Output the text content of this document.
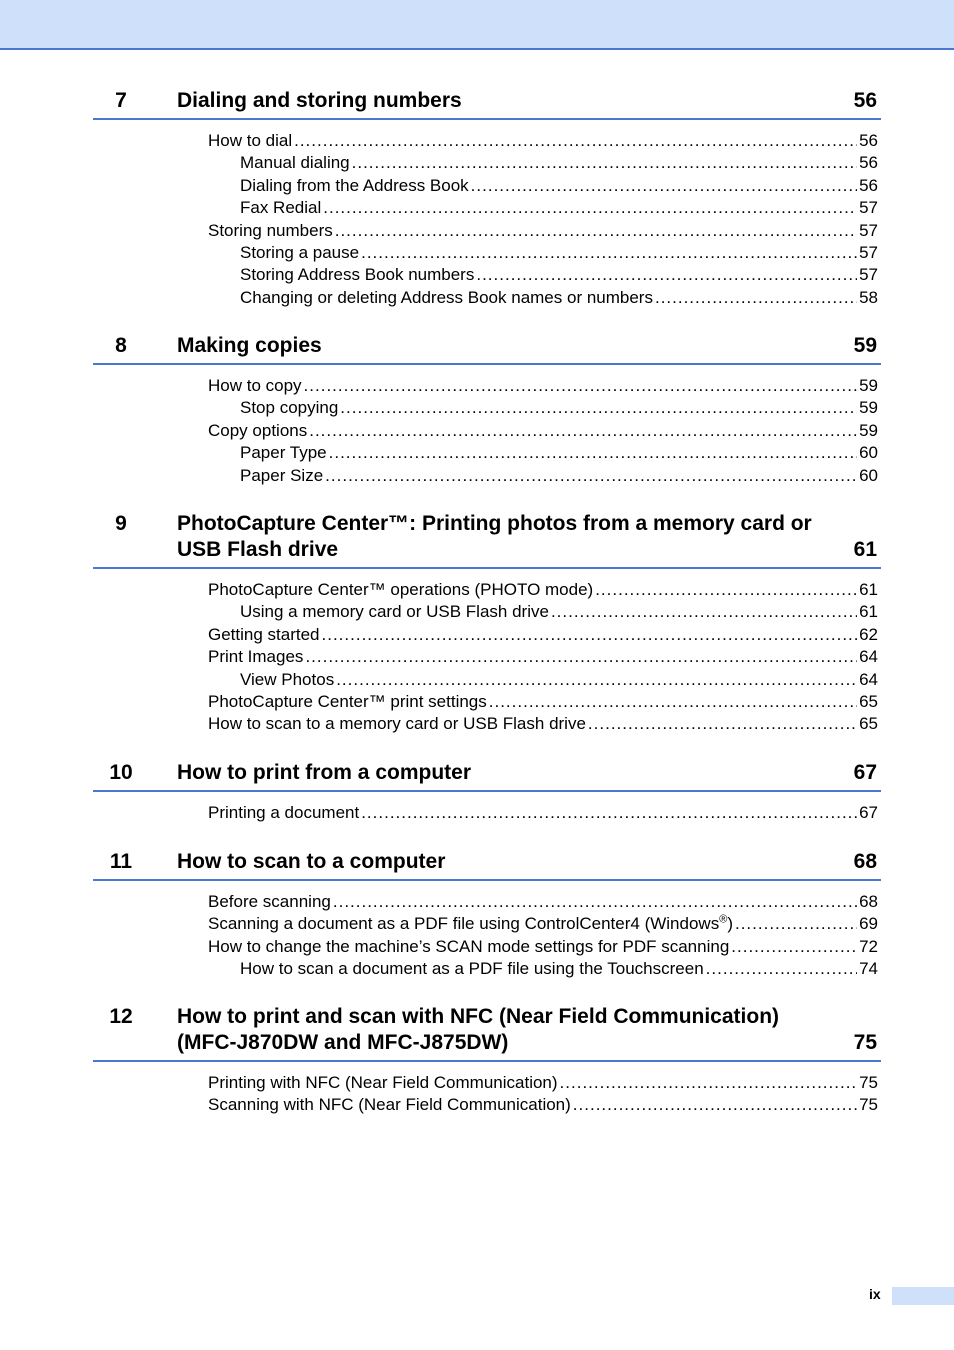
7	Dialing and storing numbers	56
How to dial .....	56
Manual dialing .....	56
Dialing from the Address Book .....	56
Fax Redial .....	57
Storing numbers .....	57
Storing a pause .....	57
Storing Address Book numbers .....	57
Changing or deleting Address Book names or numbers .....	58
8	Making copies	59
How to copy .....	59
Stop copying .....	59
Copy options .....	59
Paper Type .....	60
Paper Size .....	60
9	PhotoCapture Center™: Printing photos from a memory card or USB Flash drive	61
PhotoCapture Center™ operations (PHOTO mode) .....	61
Using a memory card or USB Flash drive .....	61
Getting started .....	62
Print Images .....	64
View Photos .....	64
PhotoCapture Center™ print settings .....	65
How to scan to a memory card or USB Flash drive .....	65
10	How to print from a computer	67
Printing a document .....	67
11	How to scan to a computer	68
Before scanning .....	68
Scanning a document as a PDF file using ControlCenter4 (Windows®) .....	69
How to change the machine’s SCAN mode settings for PDF scanning .....	72
How to scan a document as a PDF file using the Touchscreen .....	74
12	How to print and scan with NFC (Near Field Communication) (MFC-J870DW and MFC-J875DW)	75
Printing with NFC (Near Field Communication) .....	75
Scanning with NFC (Near Field Communication) .....	75
ix
